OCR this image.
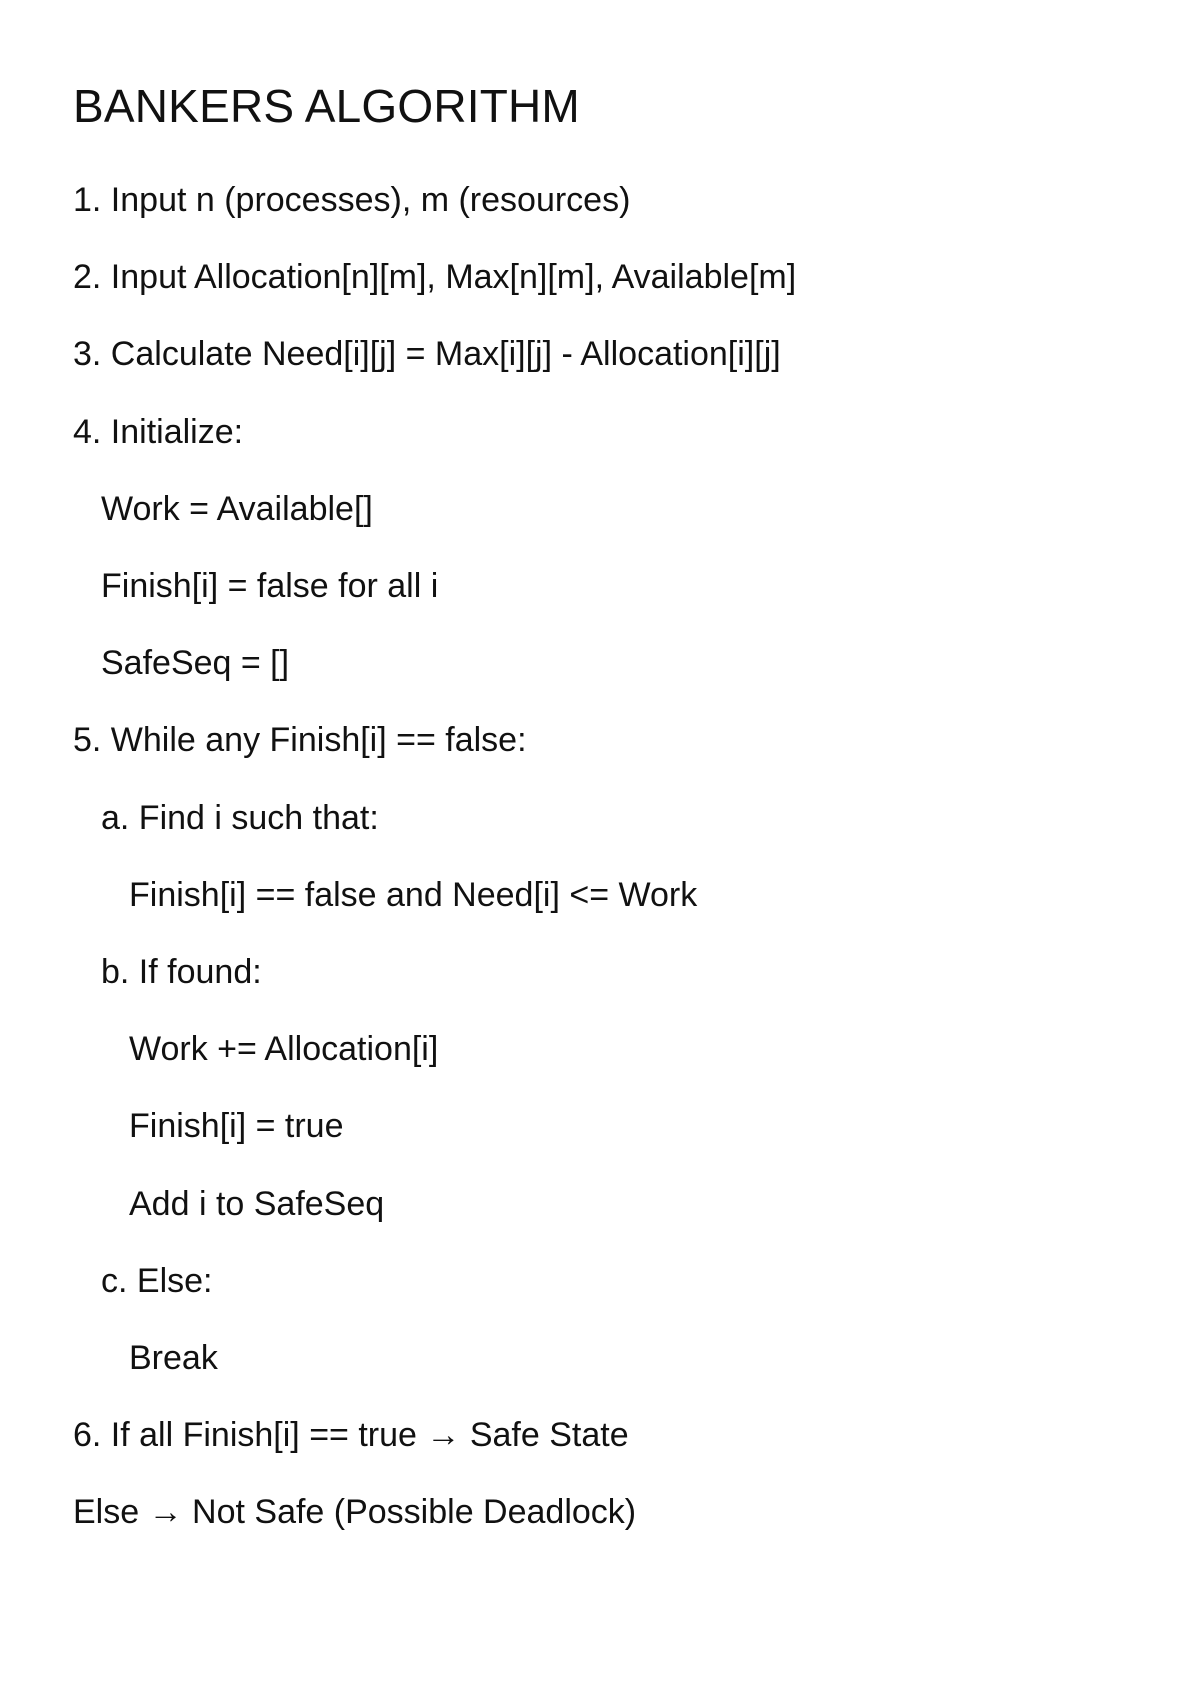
BANKERS ALGORITHM
1. Input n (processes), m (resources)
2. Input Allocation[n][m], Max[n][m], Available[m]
3. Calculate Need[i][j] = Max[i][j] - Allocation[i][j]
4. Initialize:
Work = Available[]
Finish[i] = false for all i
SafeSeq = []
5. While any Finish[i] == false:
a. Find i such that:
Finish[i] == false and Need[i] <= Work
b. If found:
Work += Allocation[i]
Finish[i] = true
Add i to SafeSeq
c. Else:
Break
6. If all Finish[i] == true → Safe State
Else → Not Safe (Possible Deadlock)
